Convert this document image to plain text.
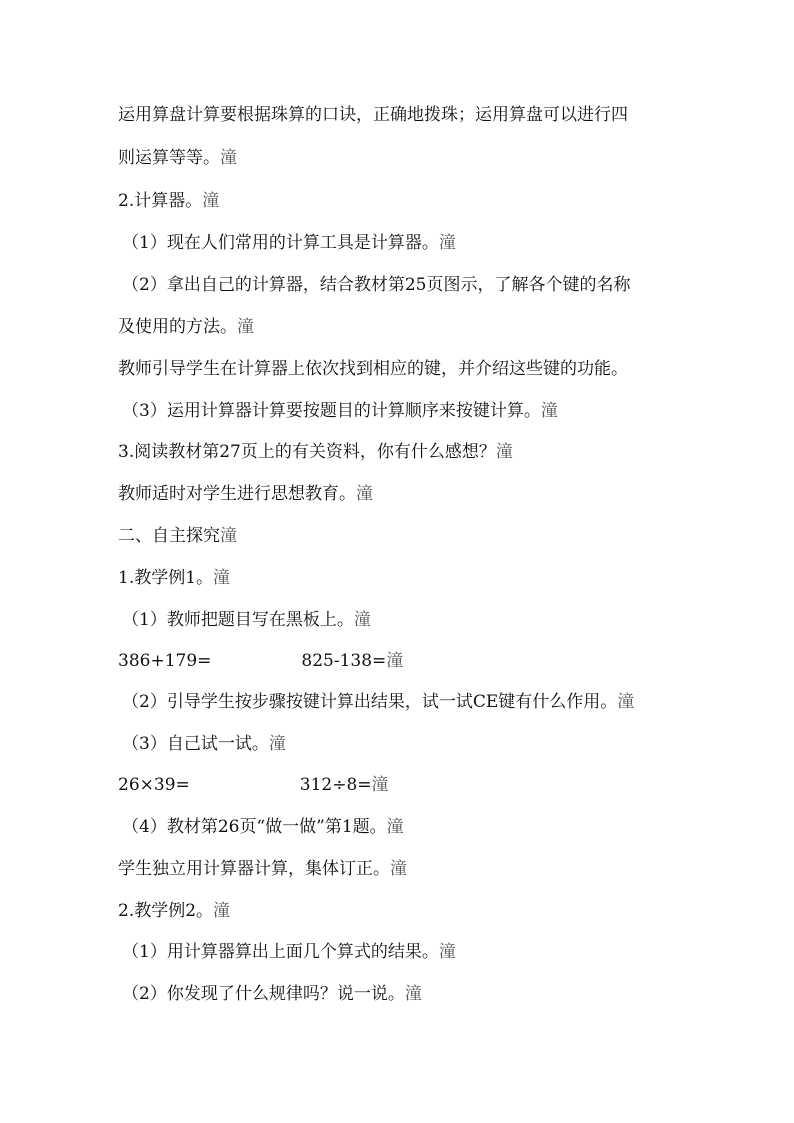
运用算盘计算要根据珠算的口诀，正确地拨珠；运用算盘可以进行四
则运算等等。潼
2.计算器。潼
（1）现在人们常用的计算工具是计算器。潼
（2）拿出自己的计算器，结合教材第25页图示，了解各个键的名称
及使用的方法。潼
教师引导学生在计算器上依次找到相应的键，并介绍这些键的功能。
（3）运用计算器计算要按题目的计算顺序来按键计算。潼
3.阅读教材第27页上的有关资料，你有什么感想？潼
教师适时对学生进行思想教育。潼
二、自主探究潼
1.教学例1。潼
（1）教师把题目写在黑板上。潼
386+179=	825-138=潼
（2）引导学生按步骤按键计算出结果，试一试CE键有什么作用。潼
（3）自己试一试。潼
26×39=	312÷8=潼
（4）教材第26页“做一做”第1题。潼
学生独立用计算器计算，集体订正。潼
2.教学例2。潼
（1）用计算器算出上面几个算式的结果。潼
（2）你发现了什么规律吗？说一说。潼
